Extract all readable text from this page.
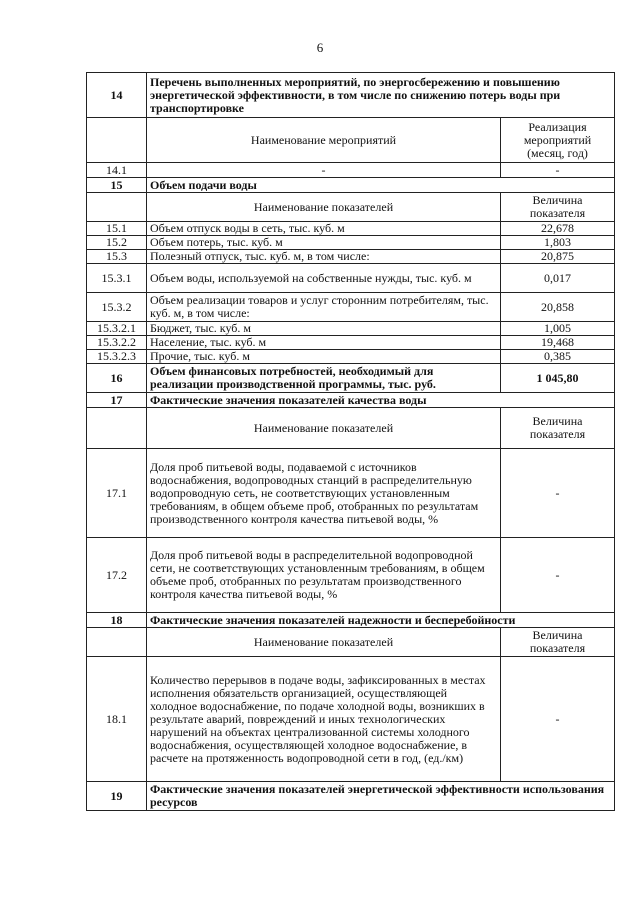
6
14	Перечень выполненных мероприятий, по энергосбережению и повышению энергетической эффективности, в том числе по снижению потерь воды при транспортировке	
	Наименование мероприятий	Реализация мероприятий (месяц, год)
14.1	-	-
15	Объем подачи воды	
	Наименование показателей	Величина показателя
15.1	Объем отпуск воды в сеть, тыс. куб. м	22,678
15.2	Объем потерь, тыс. куб. м	1,803
15.3	Полезный отпуск, тыс. куб. м, в том числе:	20,875
15.3.1	Объем воды, используемой на собственные нужды, тыс. куб. м	0,017
15.3.2	Объем реализации товаров и услуг сторонним потребителям, тыс. куб. м, в том числе:	20,858
15.3.2.1	Бюджет, тыс. куб. м	1,005
15.3.2.2	Население, тыс. куб. м	19,468
15.3.2.3	Прочие, тыс. куб. м	0,385
16	Объем финансовых потребностей, необходимый для реализации производственной программы, тыс. руб.	1 045,80
17	Фактические значения показателей качества воды	
	Наименование показателей	Величина показателя
17.1	Доля проб питьевой воды, подаваемой с источников водоснабжения, водопроводных станций в распределительную водопроводную сеть, не соответствующих установленным требованиям, в общем объеме проб, отобранных по результатам производственного контроля качества питьевой воды, %	-
17.2	Доля проб питьевой воды в распределительной водопроводной сети, не соответствующих установленным требованиям, в общем объеме проб, отобранных по результатам производственного контроля качества питьевой воды, %	-
18	Фактические значения показателей надежности и бесперебойности	
	Наименование показателей	Величина показателя
18.1	Количество перерывов в подаче воды, зафиксированных в местах исполнения обязательств организацией, осуществляющей холодное водоснабжение, по подаче холодной воды, возникших в результате аварий, повреждений и иных технологических нарушений на объектах централизованной системы холодного водоснабжения, осуществляющей холодное водоснабжение, в расчете на протяженность водопроводной сети в год, (ед./км)	-
19	Фактические значения показателей энергетической эффективности использования ресурсов	
